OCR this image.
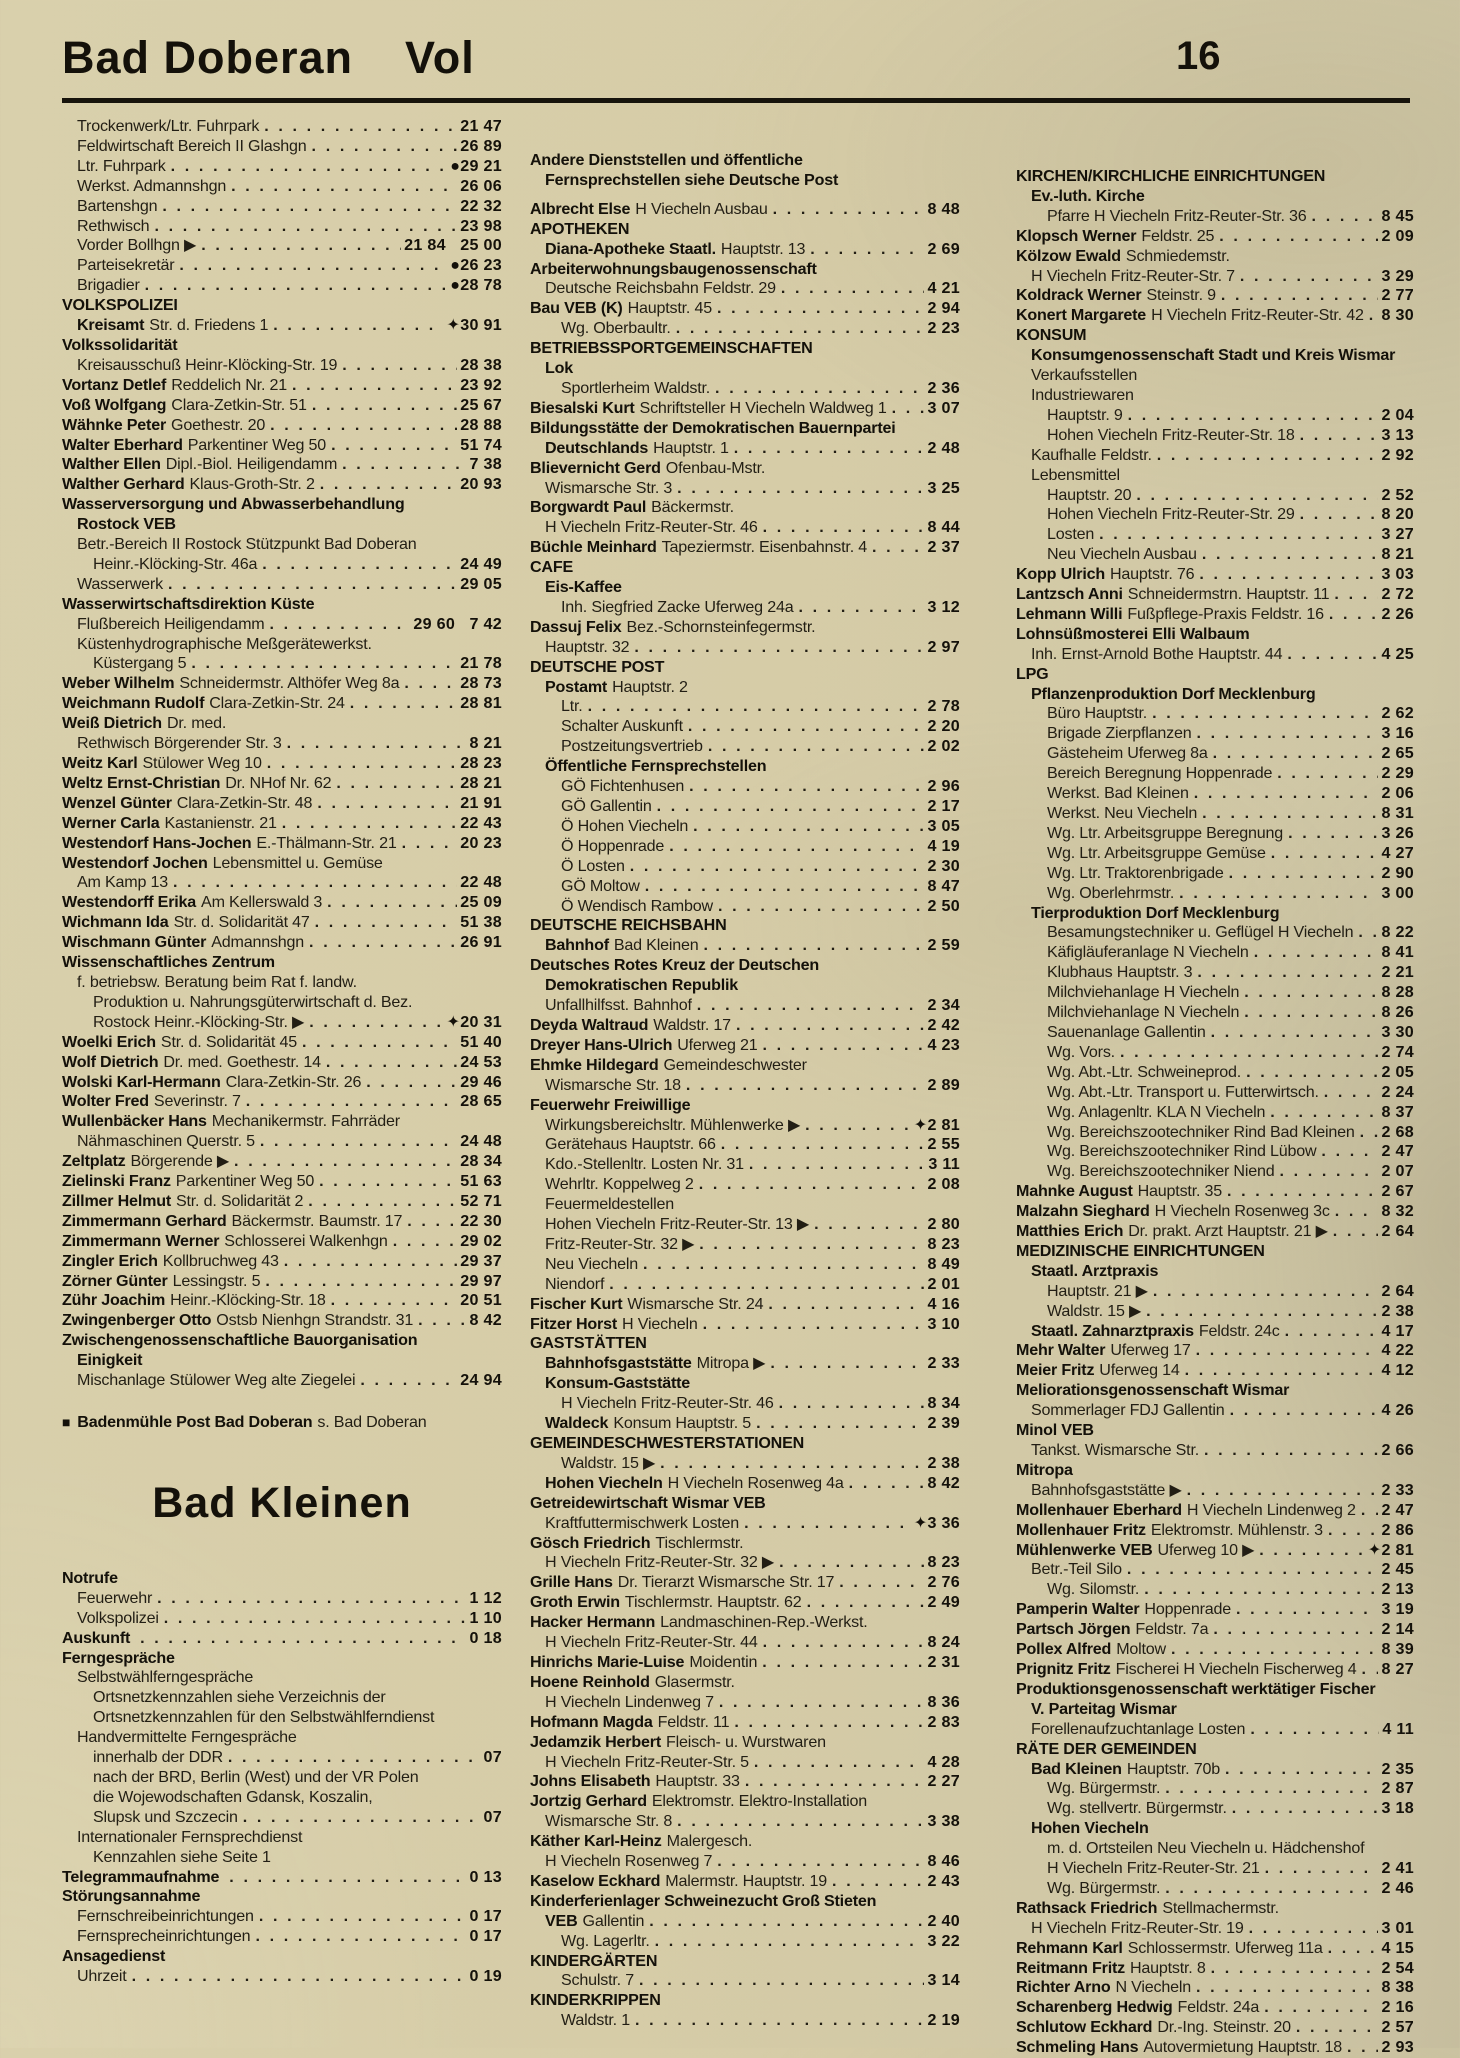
Bad Doberan Vol	16
Trockenwerk/Ltr. Fuhrpark . . .	21 47
Feldwirtschaft Bereich II Glashgn . . .	26 89
Ltr. Fuhrpark . . .	●29 21
Werkst. Admannshgn . . .	26 06
Bartenshgn . . .	22 32
Rethwisch . . .	23 98
Vorder Bollhgn ▶ . . .	21 84   25 00
Parteisekretär . . .	●26 23
Brigadier . . .	●28 78
VOLKSPOLIZEI
Kreisamt Str. d. Friedens 1 . . .	✦30 91
Volkssolidarität
Kreisausschuß Heinr-Klöcking-Str. 19 . . .	28 38
Vortanz Detlef Reddelich Nr. 21 . . .	23 92
Voß Wolfgang Clara-Zetkin-Str. 51 . . .	25 67
Wähnke Peter Goethestr. 20 . . .	28 88
Walter Eberhard Parkentiner Weg 50 . . .	51 74
Walther Ellen Dipl.-Biol. Heiligendamm . . .	7 38
Walther Gerhard Klaus-Groth-Str. 2 . . .	20 93
Wasserversorgung und Abwasserbehandlung
Rostock VEB
Betr.-Bereich II Rostock Stützpunkt Bad Doberan
Heinr.-Klöcking-Str. 46a . . .	24 49
Wasserwerk . . .	29 05
Wasserwirtschaftsdirektion Küste
Flußbereich Heiligendamm . . .	29 60   7 42
Küstenhydrographische Meßgerätewerkst.
Küstergang 5 . . .	21 78
Weber Wilhelm Schneidermstr. Althöfer Weg 8a . . .	28 73
Weichmann Rudolf Clara-Zetkin-Str. 24 . . .	28 81
Weiß Dietrich Dr. med.
Rethwisch Börgerender Str. 3 . . .	8 21
Weitz Karl Stülower Weg 10 . . .	28 23
Weltz Ernst-Christian Dr. NHof Nr. 62 . . .	28 21
Wenzel Günter Clara-Zetkin-Str. 48 . . .	21 91
Werner Carla Kastanienstr. 21 . . .	22 43
Westendorf Hans-Jochen E.-Thälmann-Str. 21 . . .	20 23
Westendorf Jochen Lebensmittel u. Gemüse
Am Kamp 13 . . .	22 48
Westendorff Erika Am Kellerswald 3 . . .	25 09
Wichmann Ida Str. d. Solidarität 47 . . .	51 38
Wischmann Günter Admannshgn . . .	26 91
Wissenschaftliches Zentrum
f. betriebsw. Beratung beim Rat f. landw.
Produktion u. Nahrungsgüterwirtschaft d. Bez.
Rostock Heinr.-Klöcking-Str. ▶ . . .	✦20 31
Woelki Erich Str. d. Solidarität 45 . . .	51 40
Wolf Dietrich Dr. med. Goethestr. 14 . . .	24 53
Wolski Karl-Hermann Clara-Zetkin-Str. 26 . . .	29 46
Wolter Fred Severinstr. 7 . . .	28 65
Wullenbäcker Hans Mechanikermstr. Fahrräder
Nähmaschinen Querstr. 5 . . .	24 48
Zeltplatz Börgerende ▶ . . .	28 34
Zielinski Franz Parkentiner Weg 50 . . .	51 63
Zillmer Helmut Str. d. Solidarität 2 . . .	52 71
Zimmermann Gerhard Bäckermstr. Baumstr. 17 . . .	22 30
Zimmermann Werner Schlosserei Walkenhgn . . .	29 02
Zingler Erich Kollbruchweg 43 . . .	29 37
Zörner Günter Lessingstr. 5 . . .	29 97
Zühr Joachim Heinr.-Klöcking-Str. 18 . . .	20 51
Zwingenberger Otto Ostsb Nienhgn Strandstr. 31 . . .	8 42
Zwischengenossenschaftliche Bauorganisation
Einigkeit
Mischanlage Stülower Weg alte Ziegelei . . .	24 94
■ Badenmühle Post Bad Doberan s. Bad Doberan
Bad Kleinen
Notrufe
Feuerwehr . . .	1 12
Volkspolizei . . .	1 10
Auskunft . . .	0 18
Ferngespräche
Selbstwählferngespräche
Ortsnetzkennzahlen siehe Verzeichnis der
Ortsnetzkennzahlen für den Selbstwählferndienst
Handvermittelte Ferngespräche
innerhalb der DDR . . .	07
nach der BRD, Berlin (West) und der VR Polen
die Wojewodschaften Gdansk, Koszalin,
Slupsk und Szczecin . . .	07
Internationaler Fernsprechdienst
Kennzahlen siehe Seite 1
Telegrammaufnahme . . .	0 13
Störungsannahme
Fernschreibeinrichtungen . . .	0 17
Fernsprecheinrichtungen . . .	0 17
Ansagedienst
Uhrzeit . . .	0 19
Andere Dienststellen und öffentliche
Fernsprechstellen siehe Deutsche Post
Albrecht Else H Viecheln Ausbau . . .	8 48
APOTHEKEN
Diana-Apotheke Staatl. Hauptstr. 13 . . .	2 69
Arbeiterwohnungsbaugenossenschaft
Deutsche Reichsbahn Feldstr. 29 . . .	4 21
Bau VEB (K) Hauptstr. 45 . . .	2 94
Wg. Oberbaultr. . . .	2 23
BETRIEBSSPORTGEMEINSCHAFTEN
Lok
Sportlerheim Waldstr. . . .	2 36
Biesalski Kurt Schriftsteller H Viecheln Waldweg 1 . . .	3 07
Bildungsstätte der Demokratischen Bauernpartei
Deutschlands Hauptstr. 1 . . .	2 48
Blievernicht Gerd Ofenbau-Mstr.
Wismarsche Str. 3 . . .	3 25
Borgwardt Paul Bäckermstr.
H Viecheln Fritz-Reuter-Str. 46 . . .	8 44
Büchle Meinhard Tapeziermstr. Eisenbahnstr. 4 . . .	2 37
CAFE
Eis-Kaffee
Inh. Siegfried Zacke Uferweg 24a . . .	3 12
Dassuj Felix Bez.-Schornsteinfegermstr.
Hauptstr. 32 . . .	2 97
DEUTSCHE POST
Postamt Hauptstr. 2
Ltr. . . .	2 78
Schalter Auskunft . . .	2 20
Postzeitungsvertrieb . . .	2 02
Öffentliche Fernsprechstellen
GÖ Fichtenhusen . . .	2 96
GÖ Gallentin . . .	2 17
Ö Hohen Viecheln . . .	3 05
Ö Hoppenrade . . .	4 19
Ö Losten . . .	2 30
GÖ Moltow . . .	8 47
Ö Wendisch Rambow . . .	2 50
DEUTSCHE REICHSBAHN
Bahnhof Bad Kleinen . . .	2 59
Deutsches Rotes Kreuz der Deutschen
Demokratischen Republik
Unfallhilfsst. Bahnhof . . .	2 34
Deyda Waltraud Waldstr. 17 . . .	2 42
Dreyer Hans-Ulrich Uferweg 21 . . .	4 23
Ehmke Hildegard Gemeindeschwester
Wismarsche Str. 18 . . .	2 89
Feuerwehr Freiwillige
Wirkungsbereichsltr. Mühlenwerke ▶ . . .	✦2 81
Gerätehaus Hauptstr. 66 . . .	2 55
Kdo.-Stellenltr. Losten Nr. 31 . . .	3 11
Wehrltr. Koppelweg 2 . . .	2 08
Feuermeldestellen
Hohen Viecheln Fritz-Reuter-Str. 13 ▶ . . .	2 80
Fritz-Reuter-Str. 32 ▶ . . .	8 23
Neu Viecheln . . .	8 49
Niendorf . . .	2 01
Fischer Kurt Wismarsche Str. 24 . . .	4 16
Fitzer Horst H Viecheln . . .	3 10
GASTSTÄTTEN
Bahnhofsgaststätte Mitropa ▶ . . .	2 33
Konsum-Gaststätte
H Viecheln Fritz-Reuter-Str. 46 . . .	8 34
Waldeck Konsum Hauptstr. 5 . . .	2 39
GEMEINDESCHWESTERSTATIONEN
Waldstr. 15 ▶ . . .	2 38
Hohen Viecheln H Viecheln Rosenweg 4a . . .	8 42
Getreidewirtschaft Wismar VEB
Kraftfuttermischwerk Losten . . .	✦3 36
Gösch Friedrich Tischlermstr.
H Viecheln Fritz-Reuter-Str. 32 ▶ . . .	8 23
Grille Hans Dr. Tierarzt Wismarsche Str. 17 . . .	2 76
Groth Erwin Tischlermstr. Hauptstr. 62 . . .	2 49
Hacker Hermann Landmaschinen-Rep.-Werkst.
H Viecheln Fritz-Reuter-Str. 44 . . .	8 24
Hinrichs Marie-Luise Moidentin . . .	2 31
Hoene Reinhold Glasermstr.
H Viecheln Lindenweg 7 . . .	8 36
Hofmann Magda Feldstr. 11 . . .	2 83
Jedamzik Herbert Fleisch- u. Wurstwaren
H Viecheln Fritz-Reuter-Str. 5 . . .	4 28
Johns Elisabeth Hauptstr. 33 . . .	2 27
Jortzig Gerhard Elektromstr. Elektro-Installation
Wismarsche Str. 8 . . .	3 38
Käther Karl-Heinz Malergesch.
H Viecheln Rosenweg 7 . . .	8 46
Kaselow Eckhard Malermstr. Hauptstr. 19 . . .	2 43
Kinderferienlager Schweinezucht Groß Stieten
VEB Gallentin . . .	2 40
Wg. Lagerltr. . . .	3 22
KINDERGÄRTEN
Schulstr. 7 . . .	3 14
KINDERKRIPPEN
Waldstr. 1 . . .	2 19
KIRCHEN/KIRCHLICHE EINRICHTUNGEN
Ev.-luth. Kirche
Pfarre H Viecheln Fritz-Reuter-Str. 36 . . .	8 45
Klopsch Werner Feldstr. 25 . . .	2 09
Kölzow Ewald Schmiedemstr.
H Viecheln Fritz-Reuter-Str. 7 . . .	3 29
Koldrack Werner Steinstr. 9 . . .	2 77
Konert Margarete H Viecheln Fritz-Reuter-Str. 42 . . . 8 30
KONSUM
Konsumgenossenschaft Stadt und Kreis Wismar
Verkaufsstellen
Industriewaren
Hauptstr. 9 . . .	2 04
Hohen Viecheln Fritz-Reuter-Str. 18 . . .	3 13
Kaufhalle Feldstr. . . .	2 92
Lebensmittel
Hauptstr. 20 . . .	2 52
Hohen Viecheln Fritz-Reuter-Str. 29 . . .	8 20
Losten . . .	3 27
Neu Viecheln Ausbau . . .	8 21
Kopp Ulrich Hauptstr. 76 . . .	3 03
Lantzsch Anni Schneidermstrn. Hauptstr. 11 . . .	2 72
Lehmann Willi Fußpflege-Praxis Feldstr. 16 . . .	2 26
Lohnsüßmosterei Elli Walbaum
Inh. Ernst-Arnold Bothe Hauptstr. 44 . . .	4 25
LPG
Pflanzenproduktion Dorf Mecklenburg
Büro Hauptstr. . . .	2 62
Brigade Zierpflanzen . . .	3 16
Gästeheim Uferweg 8a . . .	2 65
Bereich Beregnung Hoppenrade . . .	2 29
Werkst. Bad Kleinen . . .	2 06
Werkst. Neu Viecheln . . .	8 31
Wg. Ltr. Arbeitsgruppe Beregnung . . .	3 26
Wg. Ltr. Arbeitsgruppe Gemüse . . .	4 27
Wg. Ltr. Traktorenbrigade . . .	2 90
Wg. Oberlehrmstr. . . .	3 00
Tierproduktion Dorf Mecklenburg
Besamungstechniker u. Geflügel H Viecheln . . . 8 22
Käfigläuferanlage N Viecheln . . .	8 41
Klubhaus Hauptstr. 3 . . .	2 21
Milchviehanlage H Viecheln . . .	8 28
Milchviehanlage N Viecheln . . .	8 26
Sauenanlage Gallentin . . .	3 30
Wg. Vors. . . .	2 74
Wg. Abt.-Ltr. Schweineprod. . . .	2 05
Wg. Abt.-Ltr. Transport u. Futterwirtsch. . . .	2 24
Wg. Anlagenltr. KLA N Viecheln . . .	8 37
Wg. Bereichszootechniker Rind Bad Kleinen . . . 2 68
Wg. Bereichszootechniker Rind Lübow . . .	2 47
Wg. Bereichszootechniker Niend . . .	2 07
Mahnke August Hauptstr. 35 . . .	2 67
Malzahn Sieghard H Viecheln Rosenweg 3c . . .	8 32
Matthies Erich Dr. prakt. Arzt Hauptstr. 21 ▶ . . .	2 64
MEDIZINISCHE EINRICHTUNGEN
Staatl. Arztpraxis
Hauptstr. 21 ▶ . . .	2 64
Waldstr. 15 ▶ . . .	2 38
Staatl. Zahnarztpraxis Feldstr. 24c . . .	4 17
Mehr Walter Uferweg 17 . . .	4 22
Meier Fritz Uferweg 14 . . .	4 12
Meliorationsgenossenschaft Wismar
Sommerlager FDJ Gallentin . . .	4 26
Minol VEB
Tankst. Wismarsche Str. . . .	2 66
Mitropa
Bahnhofsgaststätte ▶ . . .	2 33
Mollenhauer Eberhard H Viecheln Lindenweg 2 . . . 2 47
Mollenhauer Fritz Elektromstr. Mühlenstr. 3 . . .	2 86
Mühlenwerke VEB Uferweg 10 ▶ . . .	✦2 81
Betr.-Teil Silo . . .	2 45
Wg. Silomstr. . . .	2 13
Pamperin Walter Hoppenrade . . .	3 19
Partsch Jörgen Feldstr. 7a . . .	2 14
Pollex Alfred Moltow . . .	8 39
Prignitz Fritz Fischerei H Viecheln Fischerweg 4 . . . 8 27
Produktionsgenossenschaft werktätiger Fischer
V. Parteitag Wismar
Forellenaufzuchtanlage Losten . . .	4 11
RÄTE DER GEMEINDEN
Bad Kleinen Hauptstr. 70b . . .	2 35
Wg. Bürgermstr. . . .	2 87
Wg. stellvertr. Bürgermstr. . . .	3 18
Hohen Viecheln
m. d. Ortsteilen Neu Viecheln u. Hädchenshof
H Viecheln Fritz-Reuter-Str. 21 . . .	2 41
Wg. Bürgermstr. . . .	2 46
Rathsack Friedrich Stellmachermstr.
H Viecheln Fritz-Reuter-Str. 19 . . .	3 01
Rehmann Karl Schlossermstr. Uferweg 11a . . .	4 15
Reitmann Fritz Hauptstr. 8 . . .	2 54
Richter Arno N Viecheln . . .	8 38
Scharenberg Hedwig Feldstr. 24a . . .	2 16
Schlutow Eckhard Dr.-Ing. Steinstr. 20 . . .	2 57
Schmeling Hans Autovermietung Hauptstr. 18 . . . 2 93
